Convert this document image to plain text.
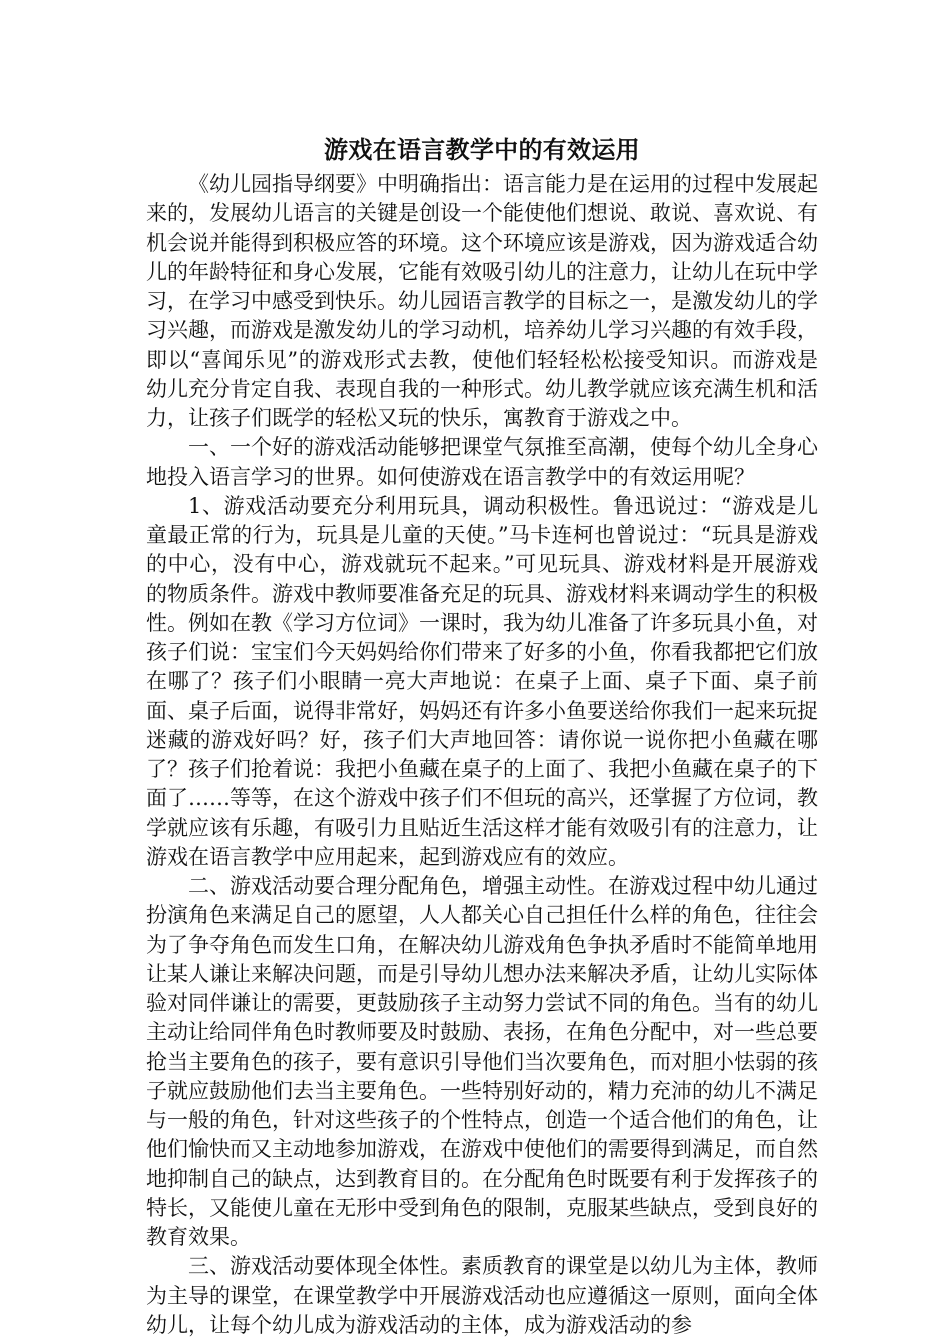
游戏在语言教学中的有效运用

《幼儿园指导纲要》中明确指出：语言能力是在运用的过程中发展起来的，发展幼儿语言的关键是创设一个能使他们想说、敢说、喜欢说、有机会说并能得到积极应答的环境。这个环境应该是游戏，因为游戏适合幼儿的年龄特征和身心发展，它能有效吸引幼儿的注意力，让幼儿在玩中学习，在学习中感受到快乐。幼儿园语言教学的目标之一，是激发幼儿的学习兴趣，而游戏是激发幼儿的学习动机，培养幼儿学习兴趣的有效手段，即以“喜闻乐见”的游戏形式去教，使他们轻轻松松接受知识。而游戏是幼儿充分肯定自我、表现自我的一种形式。幼儿教学就应该充满生机和活力，让孩子们既学的轻松又玩的快乐，寓教育于游戏之中。

一、一个好的游戏活动能够把课堂气氛推至高潮，使每个幼儿全身心地投入语言学习的世界。如何使游戏在语言教学中的有效运用呢？

1、游戏活动要充分利用玩具，调动积极性。鲁迅说过：“游戏是儿童最正常的行为，玩具是儿童的天使。”马卡连柯也曾说过：“玩具是游戏的中心，没有中心，游戏就玩不起来。”可见玩具、游戏材料是开展游戏的物质条件。游戏中教师要准备充足的玩具、游戏材料来调动学生的积极性。例如在教《学习方位词》一课时，我为幼儿准备了许多玩具小鱼，对孩子们说：宝宝们今天妈妈给你们带来了好多的小鱼，你看我都把它们放在哪了？孩子们小眼睛一亮大声地说：在桌子上面、桌子下面、桌子前面、桌子后面，说得非常好，妈妈还有许多小鱼要送给你我们一起来玩捉迷藏的游戏好吗？好，孩子们大声地回答：请你说一说你把小鱼藏在哪了？孩子们抢着说：我把小鱼藏在桌子的上面了、我把小鱼藏在桌子的下面了……等等，在这个游戏中孩子们不但玩的高兴，还掌握了方位词，教学就应该有乐趣，有吸引力且贴近生活这样才能有效吸引有的注意力，让游戏在语言教学中应用起来，起到游戏应有的效应。

二、游戏活动要合理分配角色，增强主动性。在游戏过程中幼儿通过扮演角色来满足自己的愿望，人人都关心自己担任什么样的角色，往往会为了争夺角色而发生口角，在解决幼儿游戏角色争执矛盾时不能简单地用让某人谦让来解决问题，而是引导幼儿想办法来解决矛盾，让幼儿实际体验对同伴谦让的需要，更鼓励孩子主动努力尝试不同的角色。当有的幼儿主动让给同伴角色时教师要及时鼓励、表扬，在角色分配中，对一些总要抢当主要角色的孩子，要有意识引导他们当次要角色，而对胆小怯弱的孩子就应鼓励他们去当主要角色。一些特别好动的，精力充沛的幼儿不满足与一般的角色，针对这些孩子的个性特点，创造一个适合他们的角色，让他们愉快而又主动地参加游戏，在游戏中使他们的需要得到满足，而自然地抑制自己的缺点，达到教育目的。在分配角色时既要有利于发挥孩子的特长，又能使儿童在无形中受到角色的限制，克服某些缺点，受到良好的教育效果。

三、游戏活动要体现全体性。素质教育的课堂是以幼儿为主体，教师为主导的课堂，在课堂教学中开展游戏活动也应遵循这一原则，面向全体幼儿，让每个幼儿成为游戏活动的主体，成为游戏活动的参
